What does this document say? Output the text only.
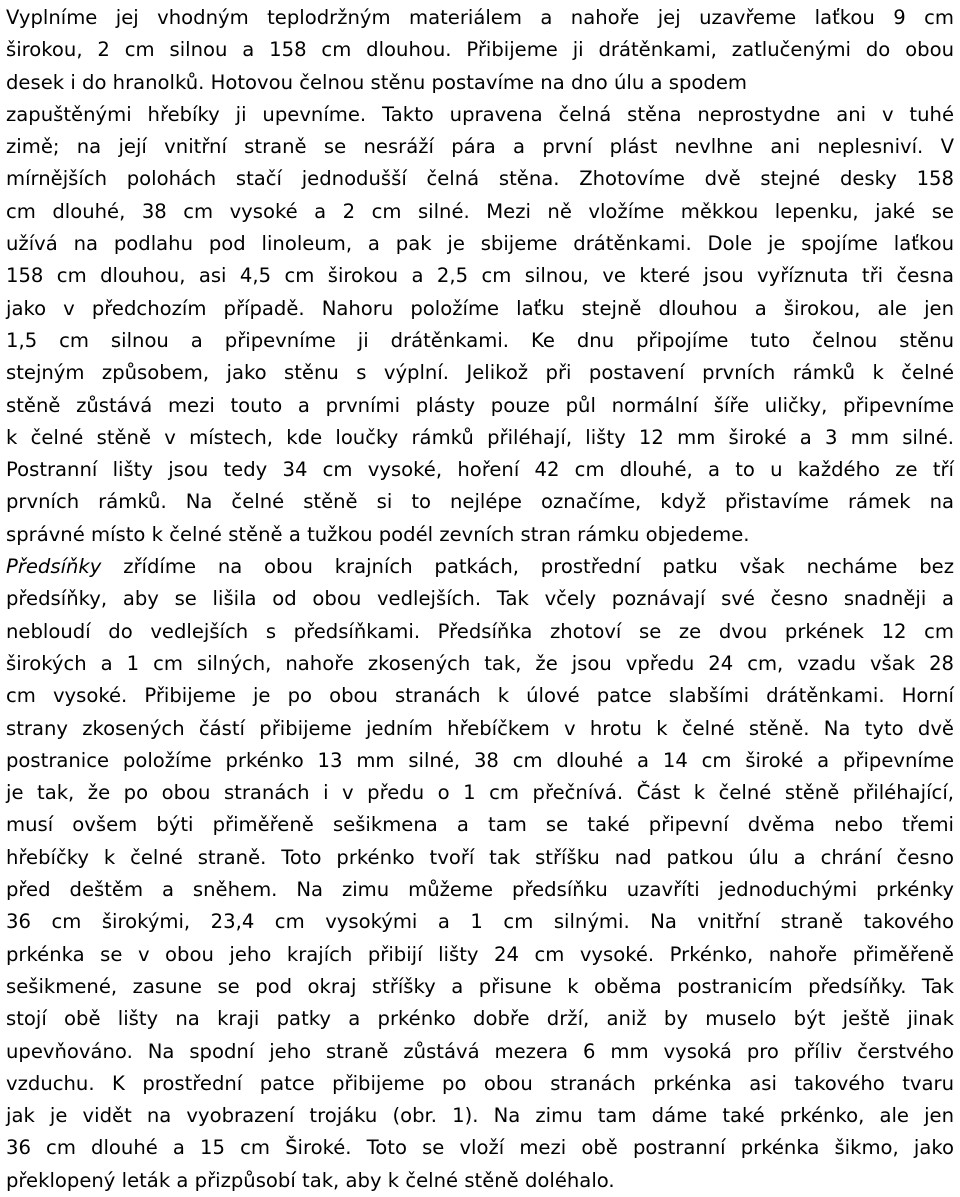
Vyplníme jej vhodným teplodržným materiálem a nahoře jej uzavřeme laťkou 9 cm
širokou, 2 cm silnou a 158 cm dlouhou. Přibijeme ji drátěnkami, zatlučenými do obou
desek i do hranolků. Hotovou čelnou stěnu postavíme na dno úlu a spodem
zapuštěnými hřebíky ji upevníme. Takto upravena čelná stěna neprostydne ani v tuhé
zimě; na její vnitřní straně se nesráží pára a první plást nevlhne ani neplesniví. V
mírnějších polohách stačí jednodušší čelná stěna. Zhotovíme dvě stejné desky 158
cm dlouhé, 38 cm vysoké a 2 cm silné. Mezi ně vložíme měkkou lepenku, jaké se
užívá na podlahu pod linoleum, a pak je sbijeme drátěnkami. Dole je spojíme laťkou
158 cm dlouhou, asi 4,5 cm širokou a 2,5 cm silnou, ve které jsou vyříznuta tři česna
jako v předchozím případě. Nahoru položíme laťku stejně dlouhou a širokou, ale jen
1,5 cm silnou a připevníme ji drátěnkami. Ke dnu připojíme tuto čelnou stěnu
stejným způsobem, jako stěnu s výplní. Jelikož při postavení prvních rámků k čelné
stěně zůstává mezi touto a prvními plásty pouze půl normální šíře uličky, připevníme
k čelné stěně v místech, kde loučky rámků přiléhají, lišty 12 mm široké a 3 mm silné.
Postranní lišty jsou tedy 34 cm vysoké, hoření 42 cm dlouhé, a to u každého ze tří
prvních rámků. Na čelné stěně si to nejlépe označíme, když přistavíme rámek na
správné místo k čelné stěně a tužkou podél zevních stran rámku objedeme.
Předsíňky zřídíme na obou krajních patkách, prostřední patku však necháme bez
předsíňky, aby se lišila od obou vedlejších. Tak včely poznávají své česno snadněji a
nebloudí do vedlejších s předsíňkami. Předsíňka zhotoví se ze dvou prkének 12 cm
širokých a 1 cm silných, nahoře zkosených tak, že jsou vpředu 24 cm, vzadu však 28
cm vysoké. Přibijeme je po obou stranách k úlové patce slabšími drátěnkami. Horní
strany zkosených částí přibijeme jedním hřebíčkem v hrotu k čelné stěně. Na tyto dvě
postranice položíme prkénko 13 mm silné, 38 cm dlouhé a 14 cm široké a připevníme
je tak, že po obou stranách i v předu o 1 cm přečnívá. Část k čelné stěně přiléhající,
musí ovšem býti přiměřeně sešikmena a tam se také připevní dvěma nebo třemi
hřebíčky k čelné straně. Toto prkénko tvoří tak stříšku nad patkou úlu a chrání česno
před deštěm a sněhem. Na zimu můžeme předsíňku uzavříti jednoduchými prkénky
36 cm širokými, 23,4 cm vysokými a 1 cm silnými. Na vnitřní straně takového
prkénka se v obou jeho krajích přibijí lišty 24 cm vysoké. Prkénko, nahoře přiměřeně
sešikmené, zasune se pod okraj stříšky a přisune k oběma postranicím předsíňky. Tak
stojí obě lišty na kraji patky a prkénko dobře drží, aniž by muselo být ještě jinak
upevňováno. Na spodní jeho straně zůstává mezera 6 mm vysoká pro příliv čerstvého
vzduchu. K prostřední patce přibijeme po obou stranách prkénka asi takového tvaru
jak je vidět na vyobrazení trojáku (obr. 1). Na zimu tam dáme také prkénko, ale jen
36 cm dlouhé a 15 cm Široké. Toto se vloží mezi obě postranní prkénka šikmo, jako
překlopený leták a přizpůsobí tak, aby k čelné stěně doléhalo.
